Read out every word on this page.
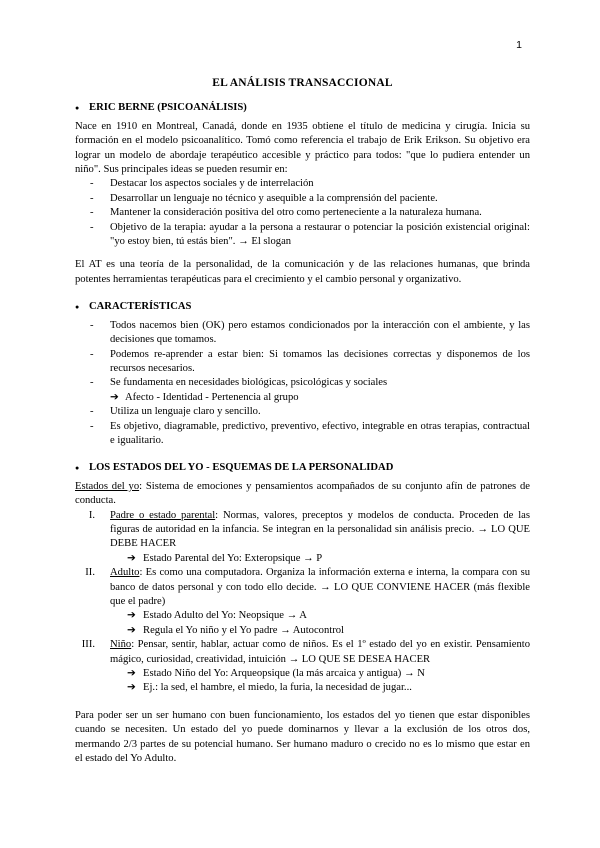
1
EL ANÁLISIS TRANSACCIONAL
● ERIC BERNE (PSICOANÁLISIS)

Nace en 1910 en Montreal, Canadá, donde en 1935 obtiene el título de medicina y cirugía. Inicia su formación en el modelo psicoanalítico. Tomó como referencia el trabajo de Erik Erikson. Su objetivo era lograr un modelo de abordaje terapéutico accesible y práctico para todos: "que lo pudiera entender un niño". Sus principales ideas se pueden resumir en:

- Destacar los aspectos sociales y de interrelación
- Desarrollar un lenguaje no técnico y asequible a la comprensión del paciente.
- Mantener la consideración positiva del otro como perteneciente a la naturaleza humana.
- Objetivo de la terapia: ayudar a la persona a restaurar o potenciar la posición existencial original: "yo estoy bien, tú estás bien". → El slogan

El AT es una teoría de la personalidad, de la comunicación y de las relaciones humanas, que brinda potentes herramientas terapéuticas para el crecimiento y el cambio personal y organizativo.

● CARACTERÍSTICAS
- Todos nacemos bien (OK) pero estamos condicionados por la interacción con el ambiente, y las decisiones que tomamos.
- Podemos re-aprender a estar bien: Si tomamos las decisiones correctas y disponemos de los recursos necesarios.
- Se fundamenta en necesidades biológicas, psicológicas y sociales
➔ Afecto - Identidad - Pertenencia al grupo
- Utiliza un lenguaje claro y sencillo.
- Es objetivo, diagramable, predictivo, preventivo, efectivo, integrable en otras terapias, contractual e igualitario.
● LOS ESTADOS DEL YO - ESQUEMAS DE LA PERSONALIDAD

Estados del yo: Sistema de emociones y pensamientos acompañados de su conjunto afín de patrones de conducta.

I. Padre o estado parental: Normas, valores, preceptos y modelos de conducta. Proceden de las figuras de autoridad en la infancia. Se integran en la personalidad sin análisis precio. → LO QUE DEBE HACER
➔ Estado Parental del Yo: Exteropsique → P
II. Adulto: Es como una computadora. Organiza la información externa e interna, la compara con su banco de datos personal y con todo ello decide. → LO QUE CONVIENE HACER (más flexible que el padre)
➔ Estado Adulto del Yo: Neopsique → A
➔ Regula el Yo niño y el Yo padre → Autocontrol
III. Niño: Pensar, sentir, hablar, actuar como de niños. Es el 1º estado del yo en existir. Pensamiento mágico, curiosidad, creatividad, intuición → LO QUE SE DESEA HACER
➔ Estado Niño del Yo: Arqueopsique (la más arcaica y antigua) → N
➔ Ej.: la sed, el hambre, el miedo, la furia, la necesidad de jugar...

Para poder ser un ser humano con buen funcionamiento, los estados del yo tienen que estar disponibles cuando se necesiten. Un estado del yo puede dominarnos y llevar a la exclusión de los otros dos, mermando 2/3 partes de su potencial humano. Ser humano maduro o crecido no es lo mismo que estar en el estado del Yo Adulto.
